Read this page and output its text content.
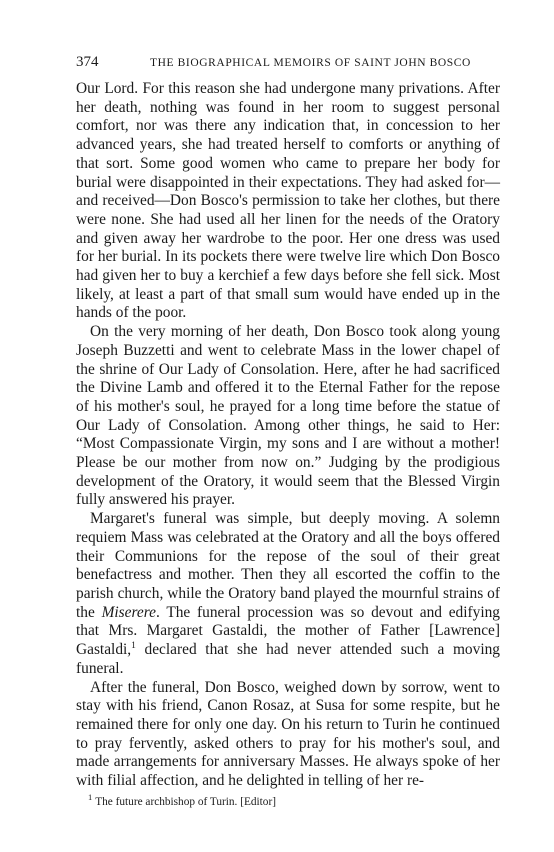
374	THE BIOGRAPHICAL MEMOIRS OF SAINT JOHN BOSCO

Our Lord. For this reason she had undergone many privations. After her death, nothing was found in her room to suggest personal comfort, nor was there any indication that, in concession to her advanced years, she had treated herself to comforts or anything of that sort. Some good women who came to prepare her body for burial were disappointed in their expectations. They had asked for—and received—Don Bosco's permission to take her clothes, but there were none. She had used all her linen for the needs of the Oratory and given away her wardrobe to the poor. Her one dress was used for her burial. In its pockets there were twelve lire which Don Bosco had given her to buy a kerchief a few days before she fell sick. Most likely, at least a part of that small sum would have ended up in the hands of the poor.

On the very morning of her death, Don Bosco took along young Joseph Buzzetti and went to celebrate Mass in the lower chapel of the shrine of Our Lady of Consolation. Here, after he had sacrificed the Divine Lamb and offered it to the Eternal Father for the repose of his mother's soul, he prayed for a long time before the statue of Our Lady of Consolation. Among other things, he said to Her: “Most Compassionate Virgin, my sons and I are without a mother! Please be our mother from now on.” Judging by the prodigious development of the Oratory, it would seem that the Blessed Virgin fully answered his prayer.

Margaret's funeral was simple, but deeply moving. A solemn requiem Mass was celebrated at the Oratory and all the boys offered their Communions for the repose of the soul of their great benefactress and mother. Then they all escorted the coffin to the parish church, while the Oratory band played the mournful strains of the Miserere. The funeral procession was so devout and edifying that Mrs. Margaret Gastaldi, the mother of Father [Lawrence] Gastaldi,$^1$ declared that she had never attended such a moving funeral.

After the funeral, Don Bosco, weighed down by sorrow, went to stay with his friend, Canon Rosaz, at Susa for some respite, but he remained there for only one day. On his return to Turin he continued to pray fervently, asked others to pray for his mother's soul, and made arrangements for anniversary Masses. He always spoke of her with filial affection, and he delighted in telling of her re-

$^1$ The future archbishop of Turin. [Editor]
